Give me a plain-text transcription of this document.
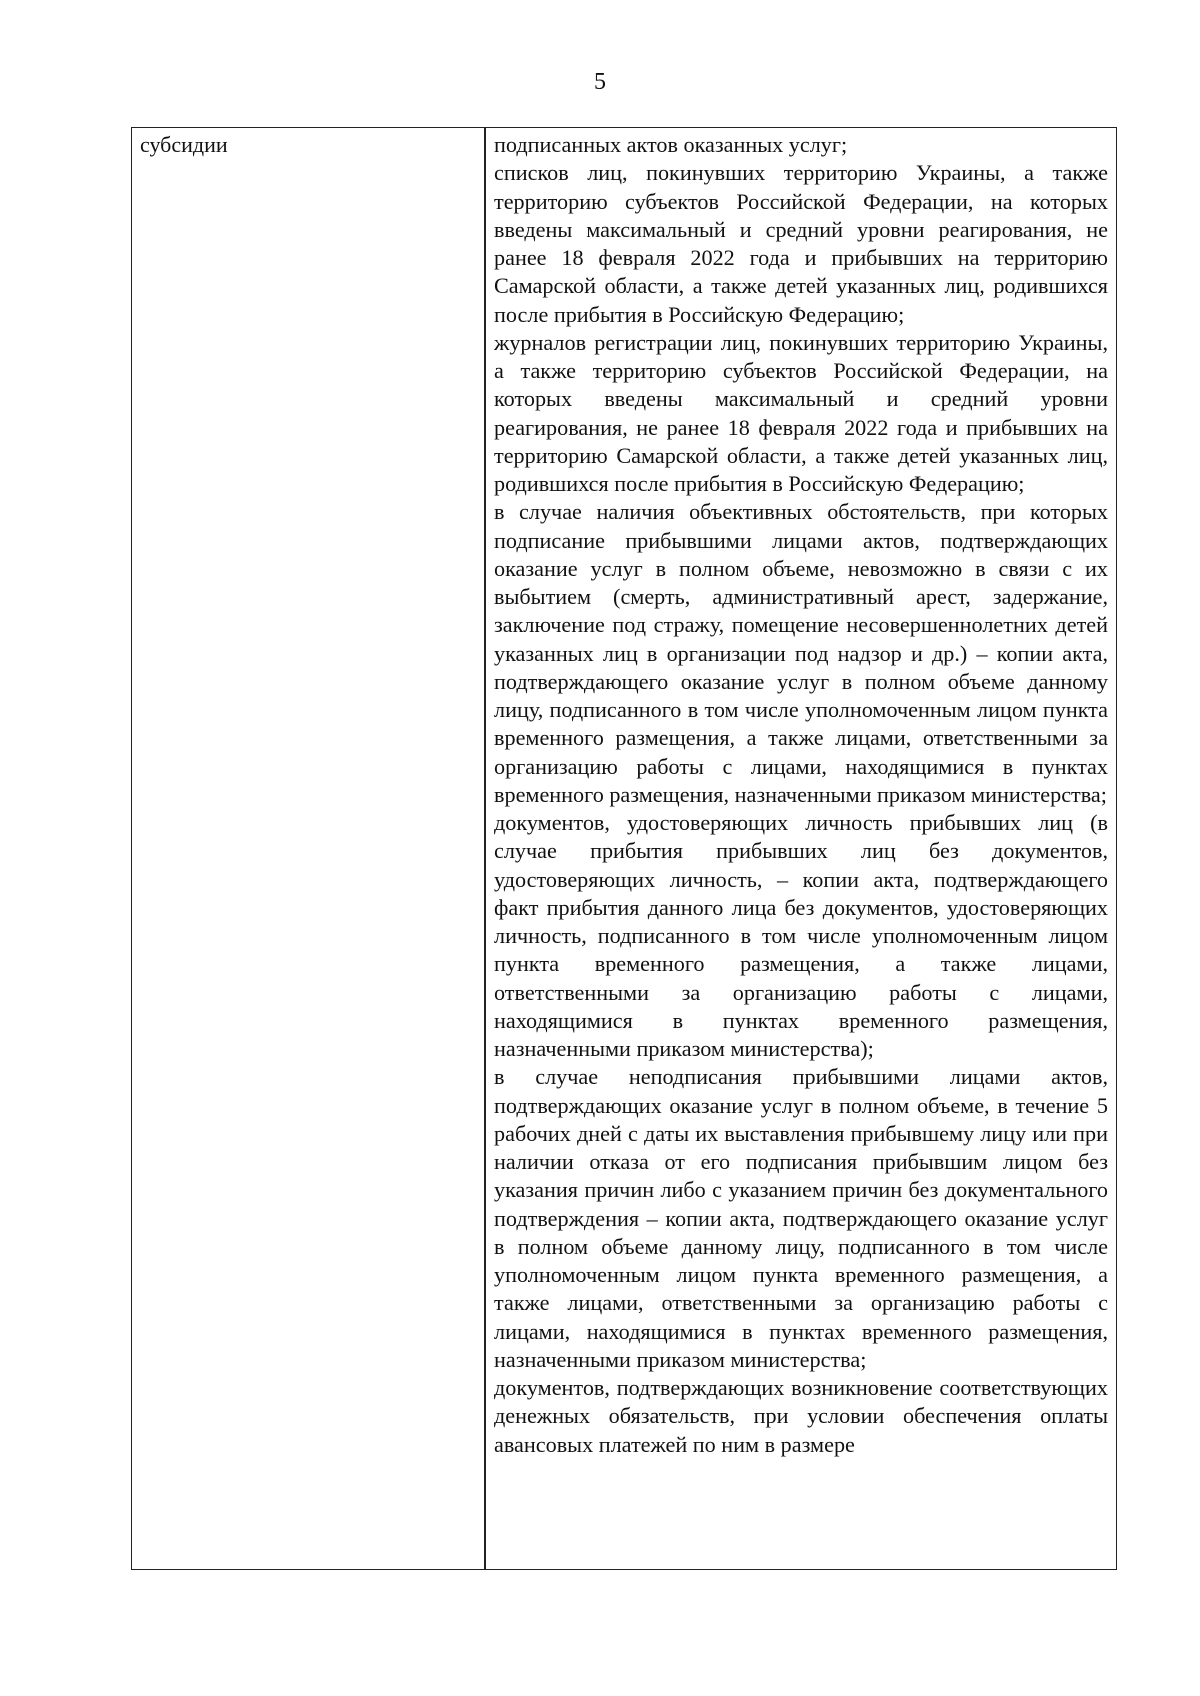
5
субсидии	подписанных актов оказанных услуг;

списков лиц, покинувших территорию Украины, а также территорию субъектов Российской Федерации, на которых введены максимальный и средний уровни реагирования, не ранее 18 февраля 2022 года и прибывших на территорию Самарской области, а также детей указанных лиц, родившихся после прибытия в Российскую Федерацию;

журналов регистрации лиц, покинувших территорию Украины, а также территорию субъектов Российской Федерации, на которых введены максимальный и средний уровни реагирования, не ранее 18 февраля 2022 года и прибывших на территорию Самарской области, а также детей указанных лиц, родившихся после прибытия в Российскую Федерацию;

в случае наличия объективных обстоятельств, при которых подписание прибывшими лицами актов, подтверждающих оказание услуг в полном объеме, невозможно в связи с их выбытием (смерть, административный арест, задержание, заключение под стражу, помещение несовершеннолетних детей указанных лиц в организации под надзор и др.) – копии акта, подтверждающего оказание услуг в полном объеме данному лицу, подписанного в том числе уполномоченным лицом пункта временного размещения, а также лицами, ответственными за организацию работы с лицами, находящимися в пунктах временного размещения, назначенными приказом министерства;

документов, удостоверяющих личность прибывших лиц (в случае прибытия прибывших лиц без документов, удостоверяющих личность, – копии акта, подтверждающего факт прибытия данного лица без документов, удостоверяющих личность, подписанного в том числе уполномоченным лицом пункта временного размещения, а также лицами, ответственными за организацию работы с лицами, находящимися в пунктах временного размещения, назначенными приказом министерства);

в случае неподписания прибывшими лицами актов, подтверждающих оказание услуг в полном объеме, в течение 5 рабочих дней с даты их выставления прибывшему лицу или при наличии отказа от его подписания прибывшим лицом без указания причин либо с указанием причин без документального подтверждения – копии акта, подтверждающего оказание услуг в полном объеме данному лицу, подписанного в том числе уполномоченным лицом пункта временного размещения, а также лицами, ответственными за организацию работы с лицами, находящимися в пунктах временного размещения, назначенными приказом министерства;

документов, подтверждающих возникновение соответствующих денежных обязательств, при условии обеспечения оплаты авансовых платежей по ним в размере
